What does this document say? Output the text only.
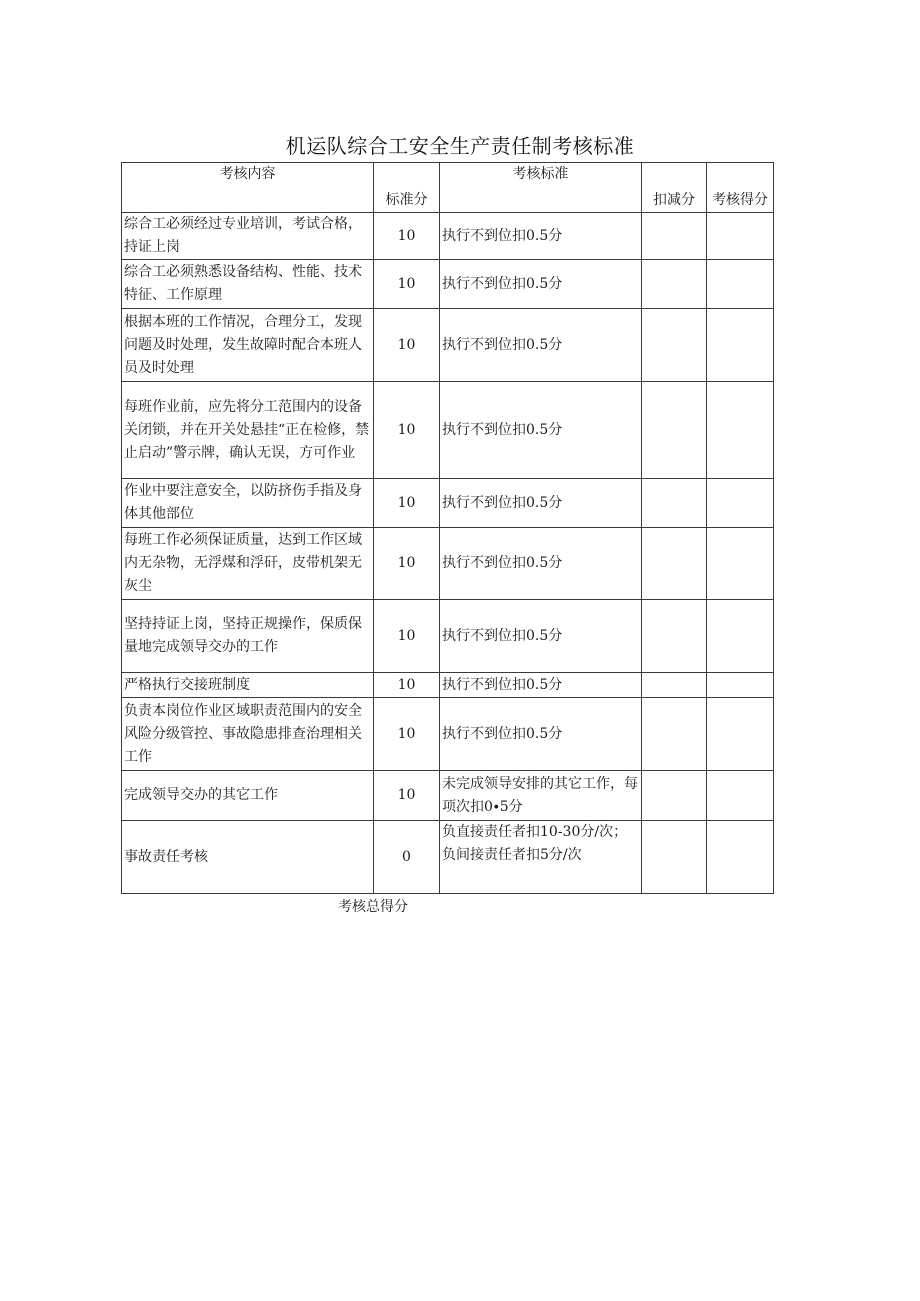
机运队综合工安全生产责任制考核标准
考核内容	标准分	考核标准	扣减分	考核得分
综合工必须经过专业培训，考试合格，持证上岗	10	执行不到位扣0.5分		
综合工必须熟悉设备结构、性能、技术特征、工作原理	10	执行不到位扣0.5分		
根据本班的工作情况，合理分工，发现问题及时处理，发生故障时配合本班人员及时处理	10	执行不到位扣0.5分		
每班作业前，应先将分工范围内的设备关闭锁，并在开关处悬挂“正在检修，禁止启动”警示牌，确认无误，方可作业	10	执行不到位扣0.5分		
作业中要注意安全，以防挤伤手指及身体其他部位	10	执行不到位扣0.5分		
每班工作必须保证质量，达到工作区域内无杂物，无浮煤和浮矸，皮带机架无灰尘	10	执行不到位扣0.5分		
坚持持证上岗，坚持正规操作，保质保量地完成领导交办的工作	10	执行不到位扣0.5分		
严格执行交接班制度	10	执行不到位扣0.5分		
负责本岗位作业区域职责范围内的安全风险分级管控、事故隐患排查治理相关工作	10	执行不到位扣0.5分		
完成领导交办的其它工作	10	未完成领导安排的其它工作，每项次扣0∙5分		
事故责任考核	0	负直接责任者扣10-30分/次；负间接责任者扣5分/次		
考核总得分
